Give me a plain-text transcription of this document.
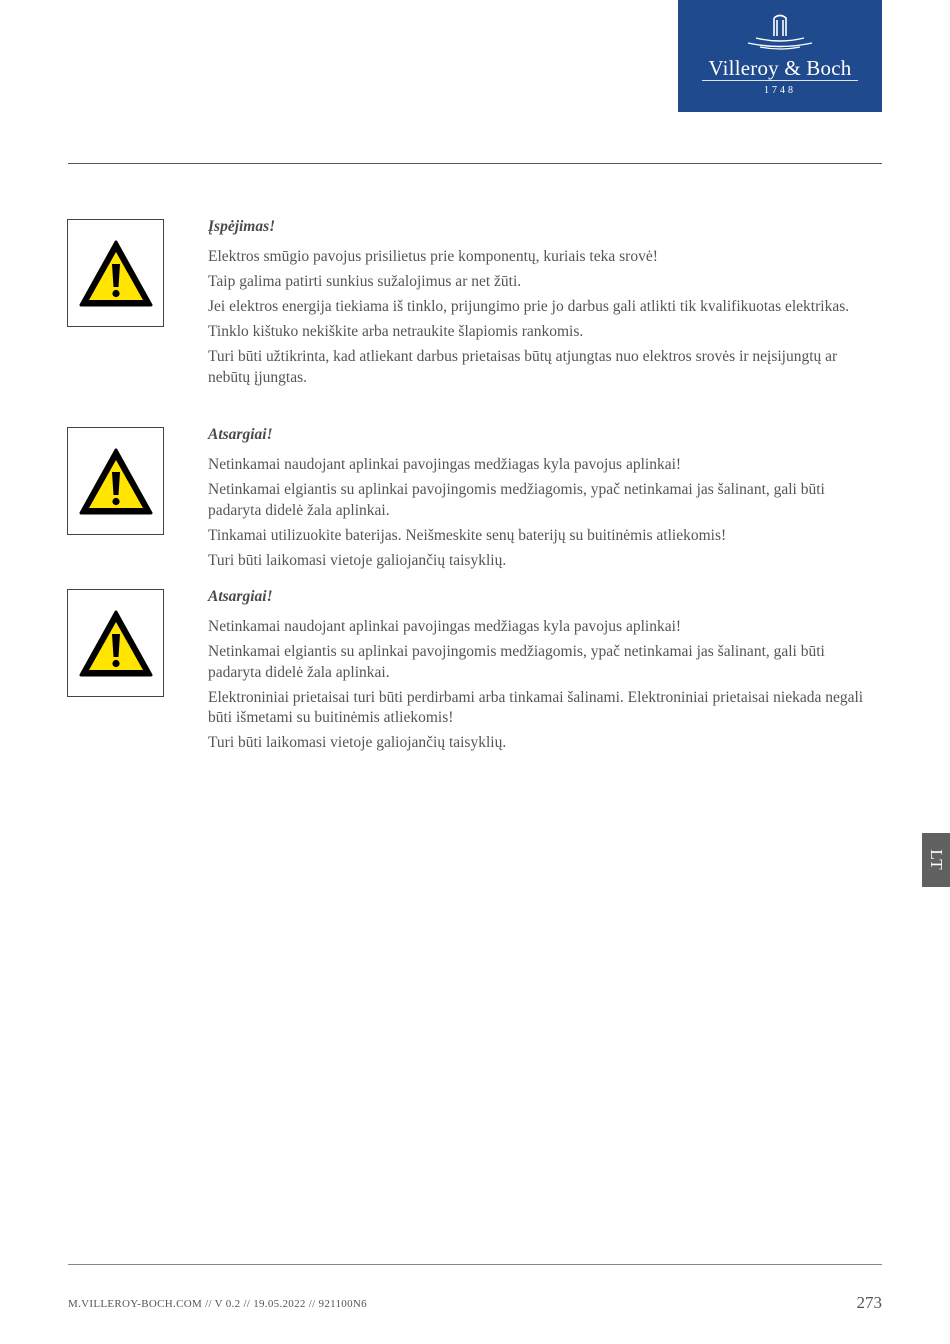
Villeroy & Boch
1748
Įspėjimas!
Elektros smūgio pavojus prisilietus prie komponentų, kuriais teka srovė!
Taip galima patirti sunkius sužalojimus ar net žūti.
Jei elektros energija tiekiama iš tinklo, prijungimo prie jo darbus gali atlikti tik kvalifikuotas elektrikas.
Tinklo kištuko nekiškite arba netraukite šlapiomis rankomis.
Turi būti užtikrinta, kad atliekant darbus prietaisas būtų atjungtas nuo elektros srovės ir neįsijungtų ar nebūtų įjungtas.
Atsargiai!
Netinkamai naudojant aplinkai pavojingas medžiagas kyla pavojus aplinkai!
Netinkamai elgiantis su aplinkai pavojingomis medžiagomis, ypač netinkamai jas šalinant, gali būti padaryta didelė žala aplinkai.
Tinkamai utilizuokite baterijas. Neišmeskite senų baterijų su buitinėmis atliekomis!
Turi būti laikomasi vietoje galiojančių taisyklių.
Atsargiai!
Netinkamai naudojant aplinkai pavojingas medžiagas kyla pavojus aplinkai!
Netinkamai elgiantis su aplinkai pavojingomis medžiagomis, ypač netinkamai jas šalinant, gali būti padaryta didelė žala aplinkai.
Elektroniniai prietaisai turi būti perdirbami arba tinkamai šalinami. Elektroniniai prietaisai niekada negali būti išmetami su buitinėmis atliekomis!
Turi būti laikomasi vietoje galiojančių taisyklių.
LT
M.VILLEROY-BOCH.COM // V 0.2 // 19.05.2022 // 921100N6	273
